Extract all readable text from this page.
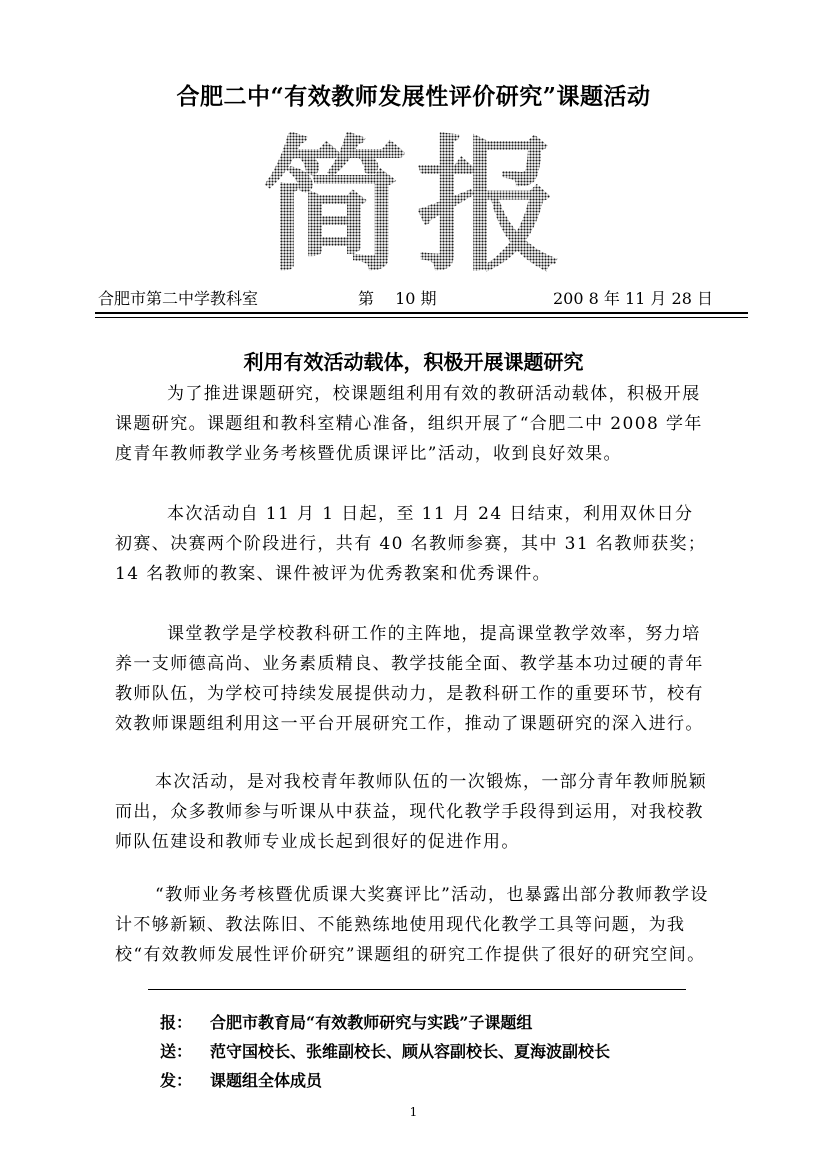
合肥二中“有效教师发展性评价研究”课题活动
简报
合肥市第二中学教科室	第　 10 期	200 8 年 11 月 28 日
利用有效活动载体，积极开展课题研究

为了推进课题研究，校课题组利用有效的教研活动载体，积极开展课题研究。课题组和教科室精心准备，组织开展了“合肥二中 2008 学年度青年教师教学业务考核暨优质课评比”活动，收到良好效果。

本次活动自 11 月 1 日起，至 11 月 24 日结束，利用双休日分初赛、决赛两个阶段进行，共有 40 名教师参赛，其中 31 名教师获奖；14 名教师的教案、课件被评为优秀教案和优秀课件。

课堂教学是学校教科研工作的主阵地，提高课堂教学效率，努力培养一支师德高尚、业务素质精良、教学技能全面、教学基本功过硬的青年教师队伍，为学校可持续发展提供动力，是教科研工作的重要环节，校有效教师课题组利用这一平台开展研究工作，推动了课题研究的深入进行。

本次活动，是对我校青年教师队伍的一次锻炼，一部分青年教师脱颖而出，众多教师参与听课从中获益，现代化教学手段得到运用，对我校教师队伍建设和教师专业成长起到很好的促进作用。

“教师业务考核暨优质课大奖赛评比”活动，也暴露出部分教师教学设计不够新颖、教法陈旧、不能熟练地使用现代化教学工具等问题，为我校“有效教师发展性评价研究”课题组的研究工作提供了很好的研究空间。

报： 合肥市教育局“有效教师研究与实践”子课题组
送： 范守国校长、张维副校长、顾从容副校长、夏海波副校长
发： 课题组全体成员
1
